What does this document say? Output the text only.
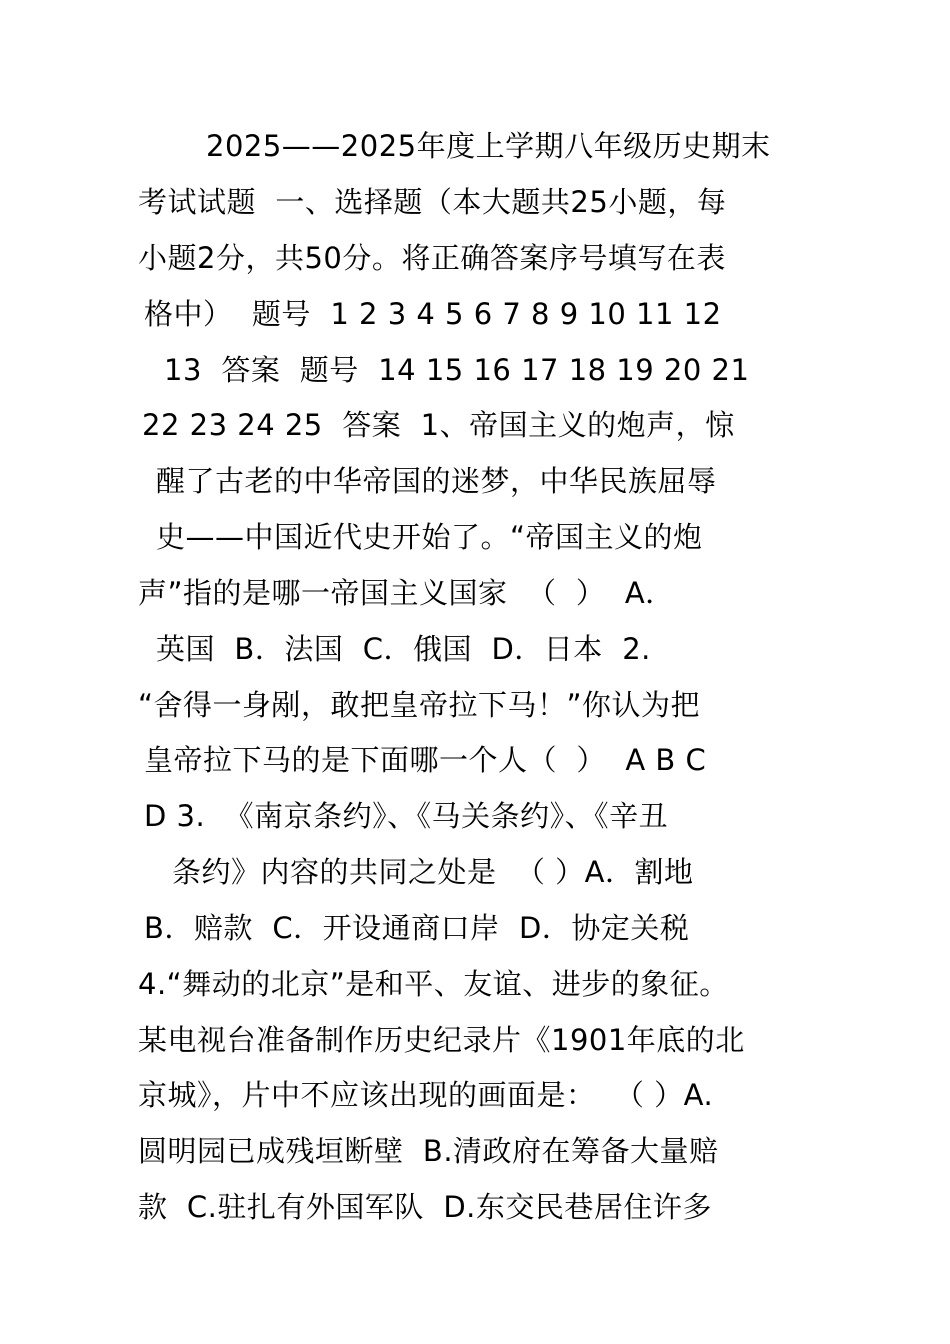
2025——2025年度上学期八年级历史期末
考试试题  一、选择题（本大题共25小题，每
小题2分，共50分。将正确答案序号填写在表
格中）  题号  1 2 3 4 5 6 7 8 9 10 11 12
13  答案  题号  14 15 16 17 18 19 20 21
22 23 24 25  答案  1、帝国主义的炮声，惊
醒了古老的中华帝国的迷梦，中华民族屈辱
史——中国近代史开始了。“帝国主义的炮
声”指的是哪一帝国主义国家  （  ）  A．
英国  B．法国  C．俄国  D．日本  2.
“舍得一身剐，敢把皇帝拉下马！”你认为把
皇帝拉下马的是下面哪一个人（  ）  A B C
D 3.  《南京条约》、《马关条约》、《辛丑
条约》内容的共同之处是  （ ）A．割地
B．赔款  C．开设通商口岸  D．协定关税
4.“舞动的北京”是和平、友谊、进步的象征。
某电视台准备制作历史纪录片《1901年底的北
京城》，片中不应该出现的画面是：  （ ）A.
圆明园已成残垣断壁  B.清政府在筹备大量赔
款  C.驻扎有外国军队  D.东交民巷居住许多
